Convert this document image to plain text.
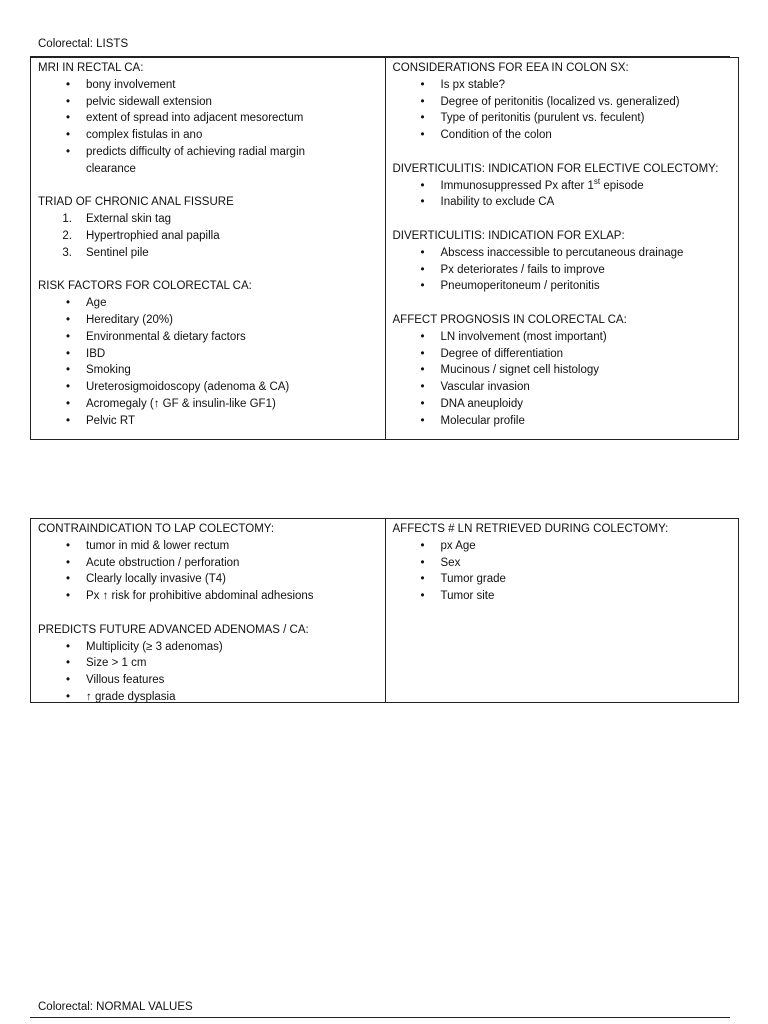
Colorectal: LISTS
MRI IN RECTAL CA:
•	bony involvement
•	pelvic sidewall extension
•	extent of spread into adjacent mesorectum
•	complex fistulas in ano
•	predicts difficulty of achieving radial margin
clearance
TRIAD OF CHRONIC ANAL FISSURE
1. External skin tag
2. Hypertrophied anal papilla
3. Sentinel pile
RISK FACTORS FOR COLORECTAL CA:
•	Age
•	Hereditary (20%)
•	Environmental & dietary factors
•	IBD
•	Smoking
•	Ureterosigmoidoscopy (adenoma & CA)
•	Acromegaly (↑ GF & insulin-like GF1)
•	Pelvic RT
CONSIDERATIONS FOR EEA IN COLON SX:
•	Is px stable?
•	Degree of peritonitis (localized vs. generalized)
•	Type of peritonitis (purulent vs. feculent)
•	Condition of the colon
DIVERTICULITIS: INDICATION FOR ELECTIVE COLECTOMY:
•	Immunosuppressed Px after 1st episode
•	Inability to exclude CA
DIVERTICULITIS: INDICATION FOR EXLAP:
•	Abscess inaccessible to percutaneous drainage
•	Px deteriorates / fails to improve
•	Pneumoperitoneum / peritonitis
AFFECT PROGNOSIS IN COLORECTAL CA:
•	LN involvement (most important)
•	Degree of differentiation
•	Mucinous / signet cell histology
•	Vascular invasion
•	DNA aneuploidy
•	Molecular profile
CONTRAINDICATION TO LAP COLECTOMY:
•	tumor in mid & lower rectum
•	Acute obstruction / perforation
•	Clearly locally invasive (T4)
•	Px ↑ risk for prohibitive abdominal adhesions
PREDICTS FUTURE ADVANCED ADENOMAS / CA:
•	Multiplicity (≥ 3 adenomas)
•	Size > 1 cm
•	Villous features
•	↑ grade dysplasia
AFFECTS # LN RETRIEVED DURING COLECTOMY:
•	px Age
•	Sex
•	Tumor grade
•	Tumor site
Colorectal: NORMAL VALUES
